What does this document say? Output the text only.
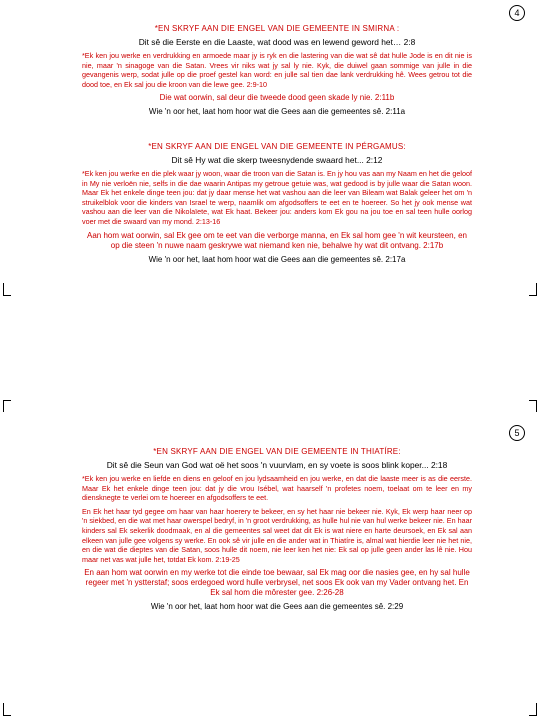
4
5

*EN SKRYF AAN DIE ENGEL VAN DIE GEMEENTE IN SMIRNA :

Dit sê die Eerste en die Laaste, wat dood was en lewend geword het… 2:8

*Ek ken jou werke en verdrukking en armoede maar jy is ryk en die lastering van die wat sê dat hulle Jode is en dit nie is nie, maar 'n sinagoge van die Satan. Vrees vir niks wat jy sal ly nie. Kyk, die duiwel gaan sommige van julle in die gevangenis werp, sodat julle op die proef gestel kan word: en julle sal tien dae lank verdrukking hê. Wees getrou tot die dood toe, en Ek sal jou die kroon van die lewe gee. 2:9-10

Die wat oorwin, sal deur die tweede dood geen skade ly nie. 2:11b

Wie 'n oor het, laat hom hoor wat die Gees aan die gemeentes sê. 2:11a

*EN SKRYF AAN DIE ENGEL VAN DIE GEMEENTE IN PÉRGAMUS:

Dit sê Hy wat die skerp tweesnydende swaard het... 2:12

*Ek ken jou werke en die plek waar jy woon, waar die troon van die Satan is. En jy hou vas aan my Naam en het die geloof in My nie verloën nie, selfs in die dae waarin Antipas my getroue getuie was, wat gedood is by julle waar die Satan woon. Maar Ek het enkele dinge teen jou: dat jy daar mense het wat vashou aan die leer van Bileam wat Balak geleer het om 'n struikelblok voor die kinders van Israel te werp, naamlik om afgodsoffers te eet en te hoereer. So het jy ook mense wat vashou aan die leer van die Nikolaïete, wat Ek haat. Bekeer jou: anders kom Ek gou na jou toe en sal teen hulle oorlog voer met die swaard van my mond. 2:13-16

Aan hom wat oorwin, sal Ek gee om te eet van die verborge manna, en Ek sal hom gee 'n wit keursteen, en op die steen 'n nuwe naam geskrywe wat niemand ken nie, behalwe hy wat dit ontvang. 2:17b

Wie 'n oor het, laat hom hoor wat die Gees aan die gemeentes sê. 2:17a

*EN SKRYF AAN DIE ENGEL VAN DIE GEMEENTE IN THIATÍRE:

Dit sê die Seun van God wat oë het soos 'n vuurvlam, en sy voete is soos blink koper... 2:18

*Ek ken jou werke en liefde en diens en geloof en jou lydsaamheid en jou werke, en dat die laaste meer is as die eerste. Maar Ek het enkele dinge teen jou: dat jy die vrou Isébel, wat haarself 'n profetes noem, toelaat om te leer en my diensknegte te verlei om te hoereer en afgodsoffers te eet.

En Ek het haar tyd gegee om haar van haar hoerery te bekeer, en sy het haar nie bekeer nie. Kyk, Ek werp haar neer op 'n siekbed, en die wat met haar owerspel bedryf, in 'n groot verdrukking, as hulle hul nie van hul werke bekeer nie. En haar kinders sal Ek sekerlik doodmaak, en al die gemeentes sal weet dat dit Ek is wat niere en harte deursoek, en Ek sal aan elkeen van julle gee volgens sy werke. En ook sê vir julle en die ander wat in Thiatíre is, almal wat hierdie leer nie het nie, en die wat die dieptes van die Satan, soos hulle dit noem, nie leer ken het nie: Ek sal op julle geen ander las lê nie. Hou maar net vas wat julle het, totdat Ek kom. 2:19-25

En aan hom wat oorwin en my werke tot die einde toe bewaar, sal Ek mag oor die nasies gee, en hy sal hulle regeer met 'n ystterstaf; soos erdegoed word hulle verbrysel, net soos Ek ook van my Vader ontvang het. En Ek sal hom die môrester gee. 2:26-28

Wie 'n oor het, laat hom hoor wat die Gees aan die gemeentes sê. 2:29
